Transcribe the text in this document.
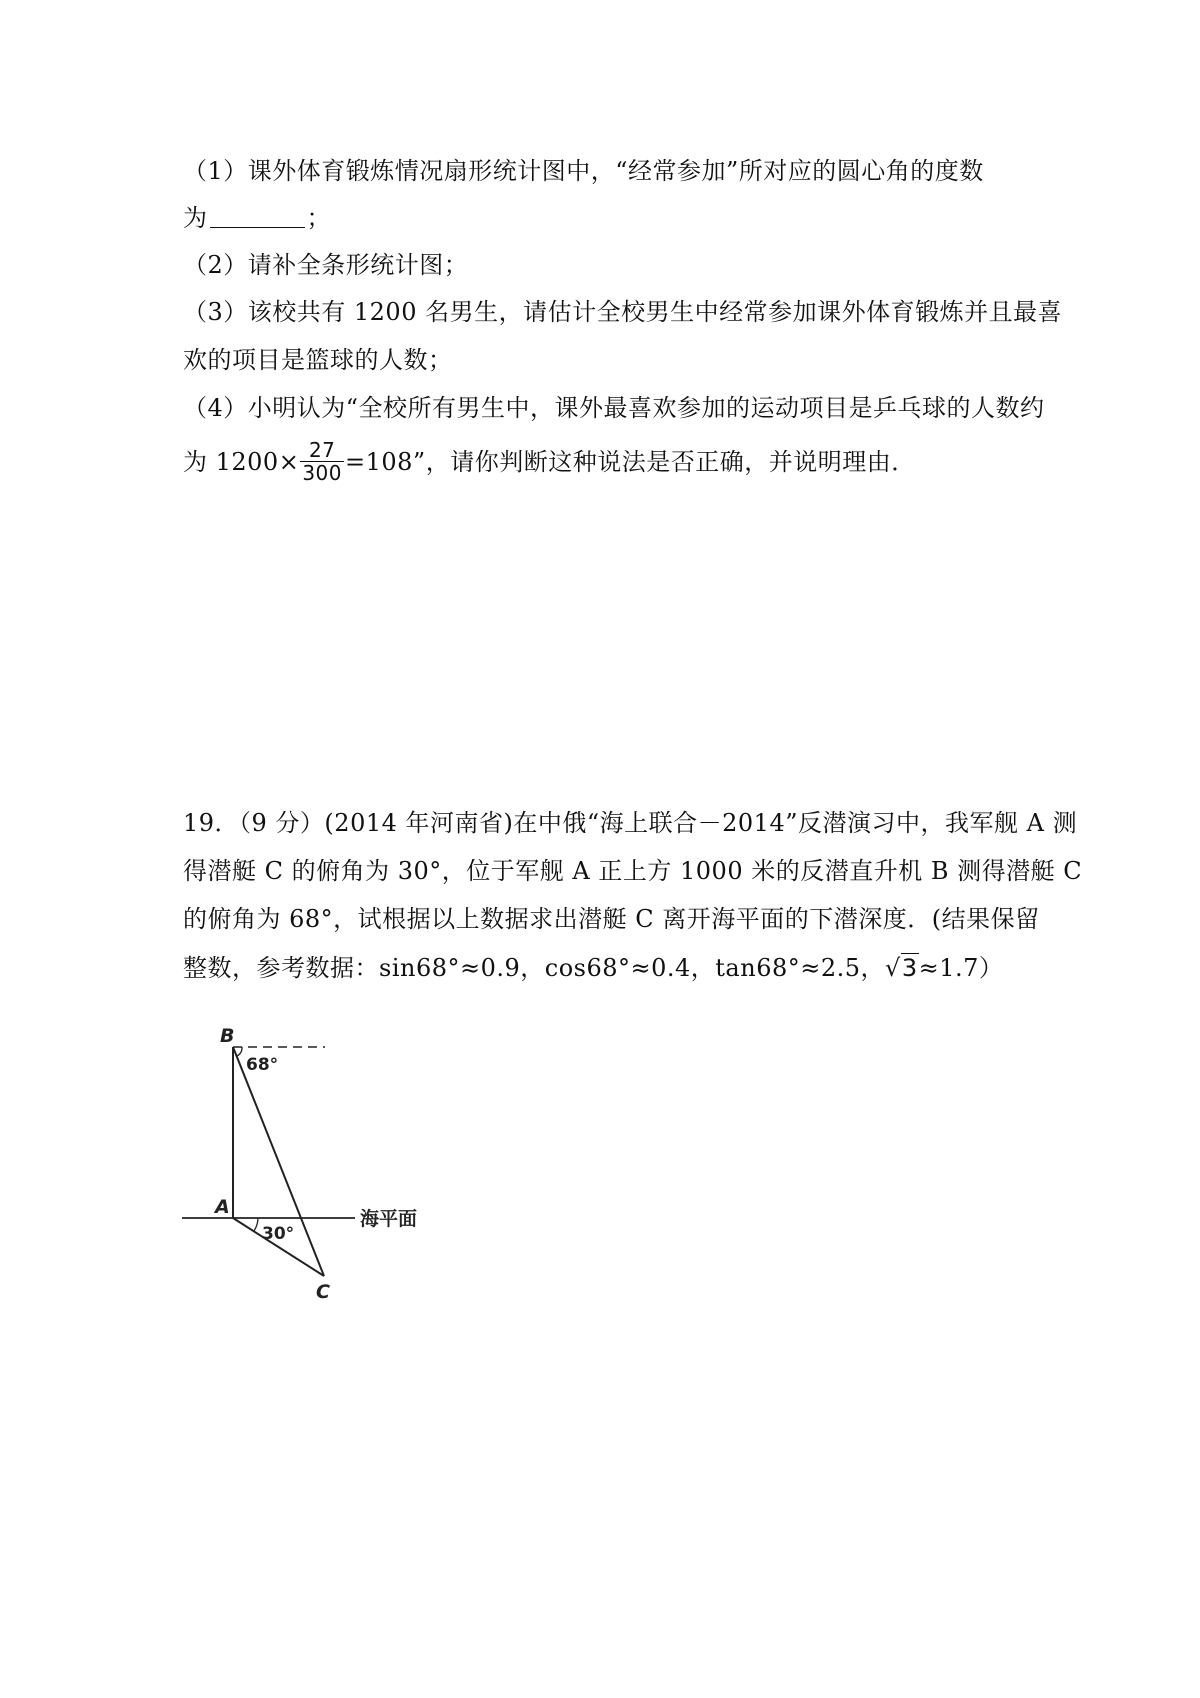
（1）课外体育锻炼情况扇形统计图中，“经常参加”所对应的圆心角的度数
为	；
（2）请补全条形统计图；
（3）该校共有 1200 名男生，请估计全校男生中经常参加课外体育锻炼并且最喜
欢的项目是篮球的人数；
（4）小明认为“全校所有男生中，课外最喜欢参加的运动项目是乒乓球的人数约
为 $1200\times \frac{27}{300} =108$”，请你判断这种说法是否正确，并说明理由．
19．（9 分）(2014 年河南省)在中俄“海上联合－2014”反潜演习中，我军舰 A 测
得潜艇 C 的俯角为 30°，位于军舰 A 正上方 1000 米的反潜直升机 B 测得潜艇 C
的俯角为 68°，试根据以上数据求出潜艇 C 离开海平面的下潜深度．(结果保留
整数，参考数据：sin68°≈0.9，cos68°≈0.4，tan68°≈2.5，√3≈1.7）
B
68°
A
30°
C
海平面
